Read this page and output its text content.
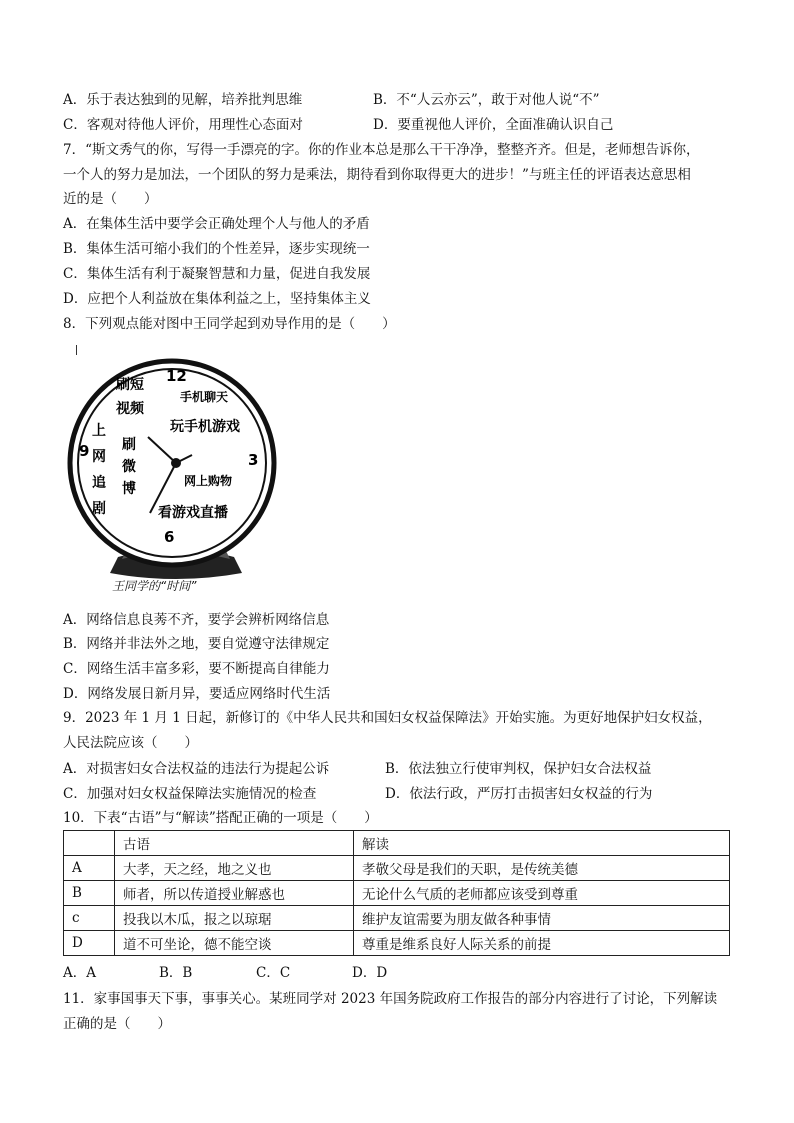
A．乐于表达独到的见解，培养批判思维	B．不“人云亦云”，敢于对他人说“不”
C．客观对待他人评价，用理性心态面对	D．要重视他人评价，全面准确认识自己
7．“斯文秀气的你，写得一手漂亮的字。你的作业本总是那么干干净净，整整齐齐。但是，老师想告诉你，
一个人的努力是加法，一个团队的努力是乘法，期待看到你取得更大的进步！”与班主任的评语表达意思相
近的是（　　）
A．在集体生活中要学会正确处理个人与他人的矛盾
B．集体生活可缩小我们的个性差异，逐步实现统一
C．集体生活有利于凝聚智慧和力量，促进自我发展
D．应把个人利益放在集体利益之上，坚持集体主义
8．下列观点能对图中王同学起到劝导作用的是（　　）
12
3
6
9
刷短
视频
手机聊天
玩手机游戏
刷
微
博
上
网
追
剧
网上购物
看游戏直播
王同学的“时间”
A．网络信息良莠不齐，要学会辨析网络信息
B．网络并非法外之地，要自觉遵守法律规定
C．网络生活丰富多彩，要不断提高自律能力
D．网络发展日新月异，要适应网络时代生活
9．2023 年 1 月 1 日起，新修订的《中华人民共和国妇女权益保障法》开始实施。为更好地保护妇女权益，
人民法院应该（　　）
A．对损害妇女合法权益的违法行为提起公诉	B．依法独立行使审判权，保护妇女合法权益
C．加强对妇女权益保障法实施情况的检查	D．依法行政，严厉打击损害妇女权益的行为
10．下表“古语”与“解读”搭配正确的一项是（　　）
	古语	解读
A	大孝，天之经，地之义也	孝敬父母是我们的天职，是传统美德
B	师者，所以传道授业解惑也	无论什么气质的老师都应该受到尊重
c	投我以木瓜，报之以琼琚	维护友谊需要为朋友做各种事情
D	道不可坐论，德不能空谈	尊重是维系良好人际关系的前提
A．A	B．B	C．C	D．D
11．家事国事天下事，事事关心。某班同学对 2023 年国务院政府工作报告的部分内容进行了讨论，下列解读
正确的是（　　）
